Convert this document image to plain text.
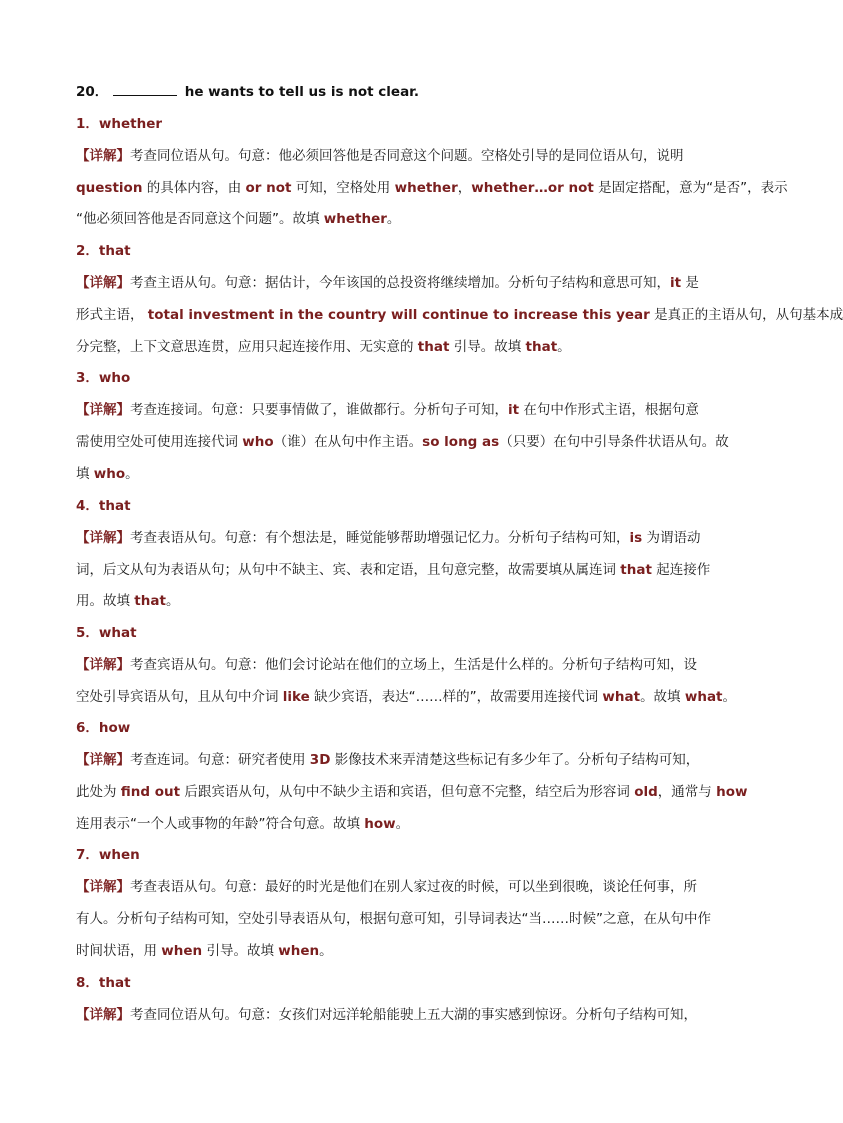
20．	he wants to tell us is not clear.
1．whether
【详解】考查同位语从句。句意：他必须回答他是否同意这个问题。空格处引导的是同位语从句，说明
question 的具体内容，由 or not 可知，空格处用 whether，whether…or not 是固定搭配，意为“是否”，表示
“他必须回答他是否同意这个问题”。故填 whether。
2．that
【详解】考查主语从句。句意：据估计，今年该国的总投资将继续增加。分析句子结构和意思可知，it 是
形式主语， total investment in the country will continue to increase this year 是真正的主语从句，从句基本成
分完整，上下文意思连贯，应用只起连接作用、无实意的 that 引导。故填 that。
3．who
【详解】考查连接词。句意：只要事情做了，谁做都行。分析句子可知，it 在句中作形式主语，根据句意
需使用空处可使用连接代词 who（谁）在从句中作主语。so long as（只要）在句中引导条件状语从句。故
填 who。
4．that
【详解】考查表语从句。句意：有个想法是，睡觉能够帮助增强记忆力。分析句子结构可知，is 为谓语动
词，后文从句为表语从句；从句中不缺主、宾、表和定语，且句意完整，故需要填从属连词 that 起连接作
用。故填 that。
5．what
【详解】考查宾语从句。句意：他们会讨论站在他们的立场上，生活是什么样的。分析句子结构可知，设
空处引导宾语从句，且从句中介词 like 缺少宾语，表达“……样的”，故需要用连接代词 what。故填 what。
6．how
【详解】考查连词。句意：研究者使用 3D 影像技术来弄清楚这些标记有多少年了。分析句子结构可知，
此处为 find out 后跟宾语从句，从句中不缺少主语和宾语，但句意不完整，结空后为形容词 old，通常与 how
连用表示“一个人或事物的年龄”符合句意。故填 how。
7．when
【详解】考查表语从句。句意：最好的时光是他们在别人家过夜的时候，可以坐到很晚，谈论任何事，所
有人。分析句子结构可知，空处引导表语从句，根据句意可知，引导词表达“当……时候”之意，在从句中作
时间状语，用 when 引导。故填 when。
8．that
【详解】考查同位语从句。句意：女孩们对远洋轮船能驶上五大湖的事实感到惊讶。分析句子结构可知，
